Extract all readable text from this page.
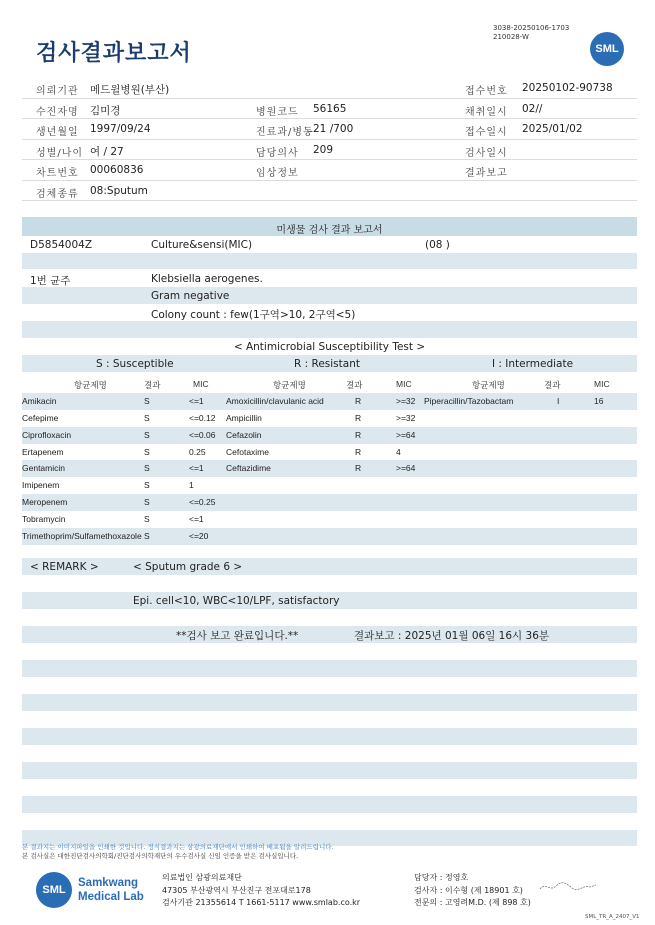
검사결과보고서
3038-20250106-1703
210028-W
SML
의뢰기관 메드윌병원(부산)	접수번호 20250102-90738
수진자명 김미경	병원코드 56165	채취일시 02//
생년월일 1997/09/24	진료과/병동 21 /700	접수일시 2025/01/02
성별/나이 여 / 27	담당의사 209	검사일시
차트번호 00060836	임상정보	결과보고
검체종류 08:Sputum
미생물 검사 결과 보고서
D5854004Z	Culture&sensi(MIC)	(08 )
1번 균주	Klebsiella aerogenes.
Gram negative
Colony count : few(1구역>10, 2구역<5)
< Antimicrobial Susceptibility Test >
S : Susceptible	R : Resistant	I : Intermediate
항균제명	결과	MIC	항균제명	결과	MIC	항균제명	결과	MIC
Amikacin	S	<=1	Amoxicillin/clavulanic acid	R	>=32 Piperacillin/Tazobactam	I	16
Cefepime	S	<=0.12 Ampicillin	R	>=32
Ciprofloxacin	S	<=0.06 Cefazolin	R	>=64
Ertapenem	S	0.25 Cefotaxime	R	4
Gentamicin	S	<=1	Ceftazidime	R	>=64
Imipenem	S	1
Meropenem	S	<=0.25
Tobramycin	S	<=1
Trimethoprim/Sulfamethoxazole S	<=20
< REMARK >	< Sputum grade 6 >
Epi. cell<10, WBC<10/LPF, satisfactory
**검사 보고 완료입니다.**	결과보고 : 2025년 01월 06일 16시 36분
본 결과지는 이미지파일을 인쇄한 것입니다. 정식결과지는 삼광의료재단에서 인쇄하여 배포됨을 알려드립니다.
본 검사실은 대한진단검사의학회/진단검사의학재단의 우수검사실 신임 인증을 받은 검사실입니다.
SML
Samkwang
Medical Lab
의료법인 삼광의료재단
47305 부산광역시 부산진구 전포대로178
검사기관 21355614 T 1661-5117 www.smlab.co.kr
담당자 : 정영호
검사자 : 이수형 (제 18901 호)
전문의 : 고영려M.D. (제 898 호)
SML_TR_A_2407_V1
